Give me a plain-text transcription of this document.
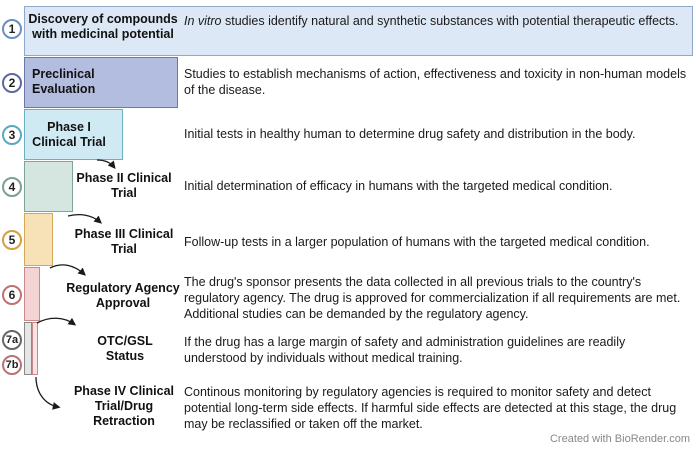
1
2
3
4
5
6
7a
7b
Discovery of compounds with medicinal potential
Preclinical Evaluation
Phase I Clinical Trial
Phase II Clinical Trial
Phase III Clinical Trial
Regulatory Agency Approval
OTC/GSL Status
Phase IV Clinical Trial/Drug Retraction
In vitro studies identify natural and synthetic substances with potential therapeutic effects.
Studies to establish mechanisms of action, effectiveness and toxicity in non-human models of the disease.
Initial tests in healthy human to determine drug safety and distribution in the body.
Initial determination of efficacy in humans with the targeted medical condition.
Follow-up tests in a larger population of humans with the targeted medical condition.
The drug's sponsor presents the data collected in all previous trials to the country's regulatory agency. The drug is approved for commercialization if all requirements are met. Additional studies can be demanded by the regulatory agency.
If the drug has a large margin of safety and administration guidelines are readily understood by individuals without medical training.
Continous monitoring by regulatory agencies is required to monitor safety and detect potential long-term side effects. If harmful side effects are detected at this stage, the drug may be reclassified or taken off the market.
Created with BioRender.com
